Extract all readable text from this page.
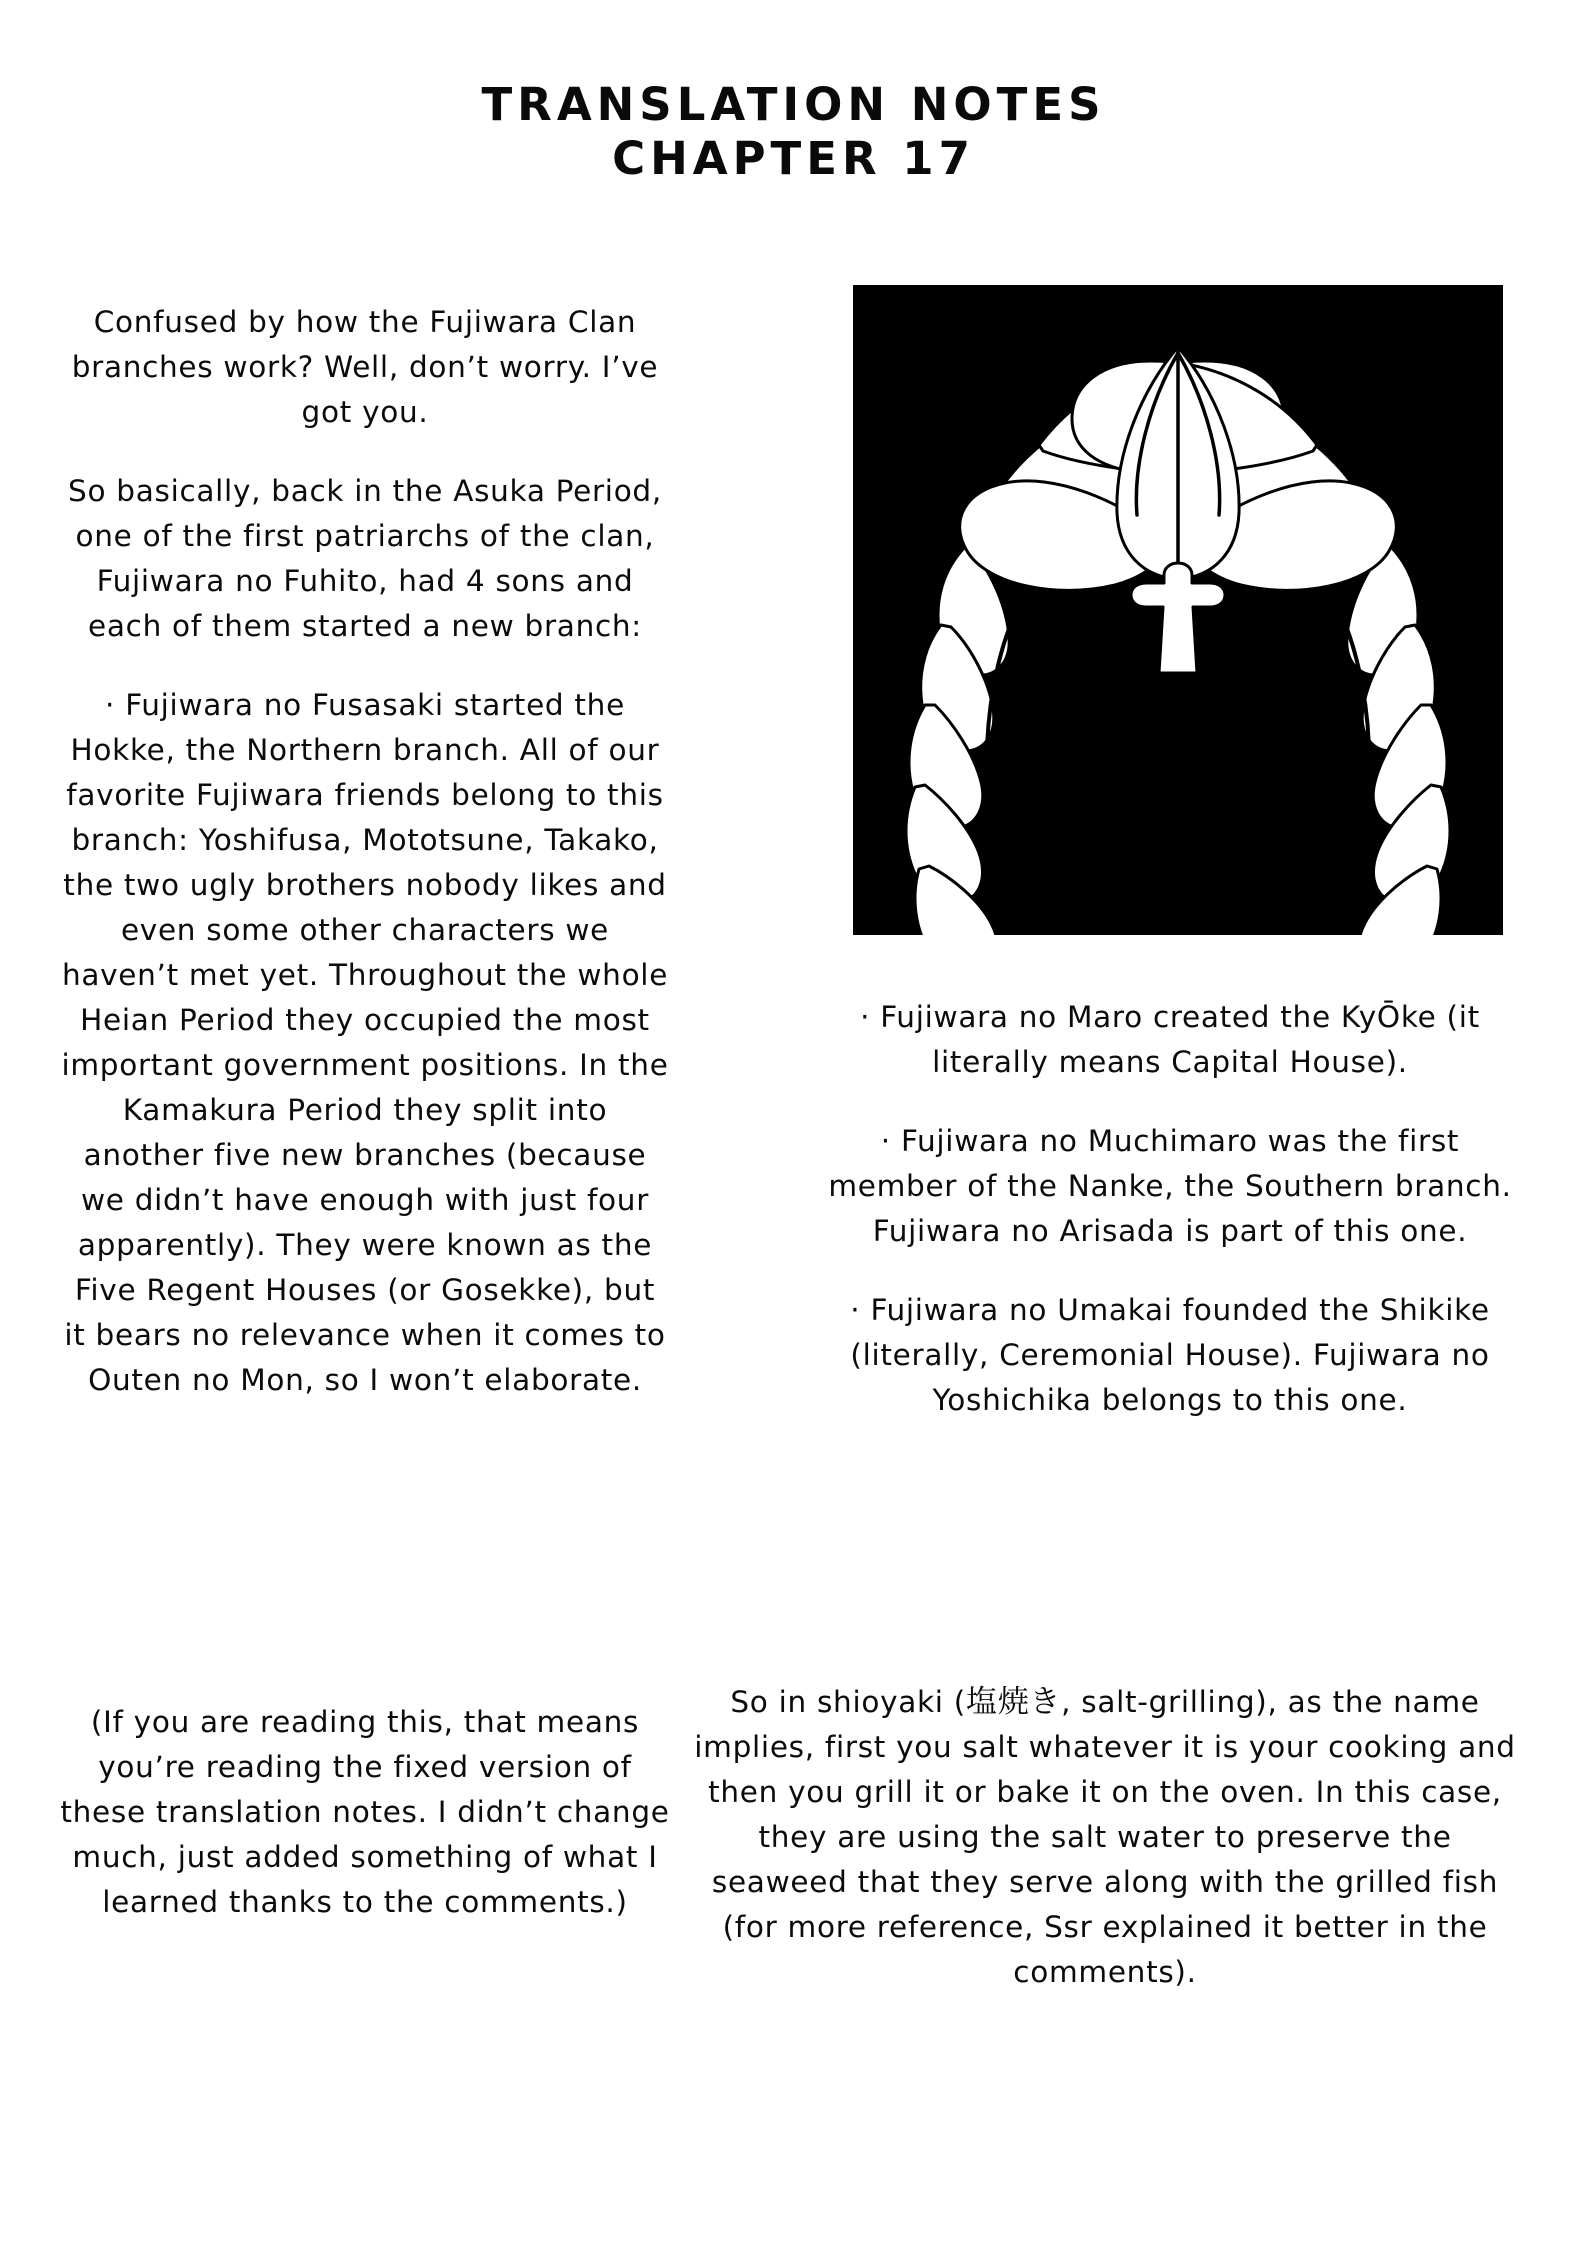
TRANSLATION NOTES
CHAPTER 17

Confused by how the Fujiwara Clan branches work? Well, don’t worry. I’ve got you.

So basically, back in the Asuka Period, one of the first patriarchs of the clan, Fujiwara no Fuhito, had 4 sons and each of them started a new branch:

· Fujiwara no Fusasaki started the Hokke, the Northern branch. All of our favorite Fujiwara friends belong to this branch: Yoshifusa, Mototsune, Takako, the two ugly brothers nobody likes and even some other characters we haven’t met yet. Throughout the whole Heian Period they occupied the most important government positions. In the Kamakura Period they split into another five new branches (because we didn’t have enough with just four apparently). They were known as the Five Regent Houses (or Gosekke), but it bears no relevance when it comes to Outen no Mon, so I won’t elaborate.

· Fujiwara no Maro created the KyŌke (it literally means Capital House).

· Fujiwara no Muchimaro was the first member of the Nanke, the Southern branch. Fujiwara no Arisada is part of this one.

· Fujiwara no Umakai founded the Shikike (literally, Ceremonial House). Fujiwara no Yoshichika belongs to this one.

(If you are reading this, that means you’re reading the fixed version of these translation notes. I didn’t change much, just added something of what I learned thanks to the comments.)

So in shioyaki (塩焼き, salt-grilling), as the name implies, first you salt whatever it is your cooking and then you grill it or bake it on the oven. In this case, they are using the salt water to preserve the seaweed that they serve along with the grilled fish (for more reference, Ssr explained it better in the comments).
